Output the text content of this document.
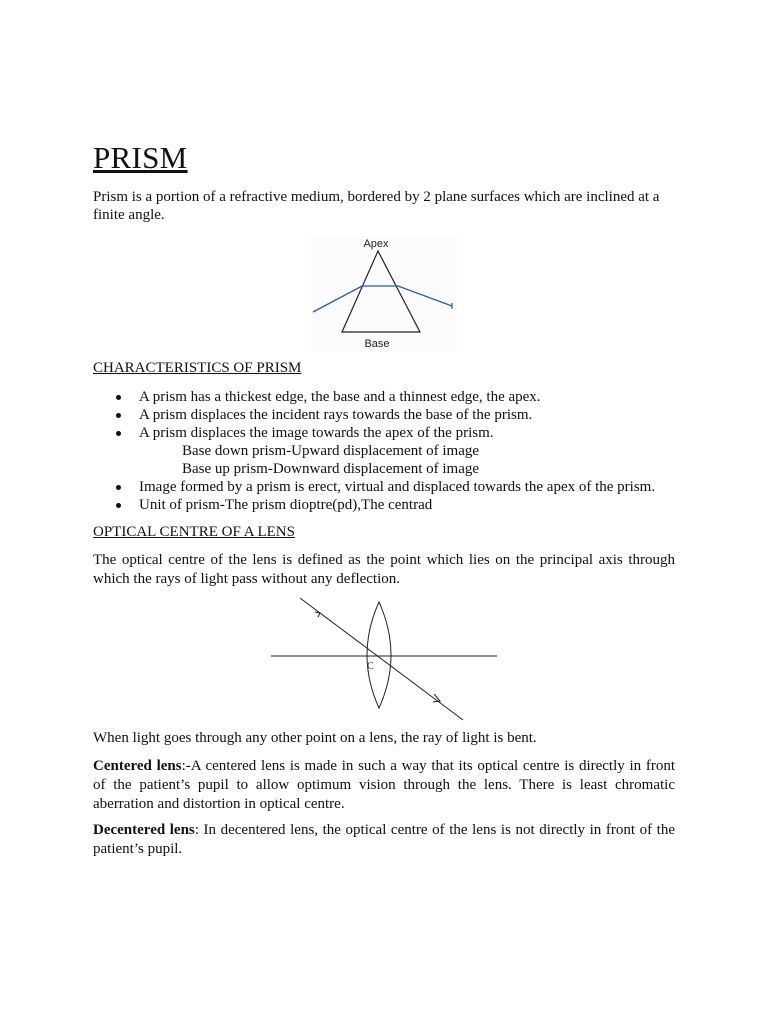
PRISM

Prism is a portion of a refractive medium, bordered by 2 plane surfaces which are inclined at a finite angle.

Apex
Base
CHARACTERISTICS OF PRISM
A prism has a thickest edge, the base and a thinnest edge, the apex.
A prism displaces the incident rays towards the base of the prism.
A prism displaces the image towards the apex of the prism.
Base down prism-Upward displacement of image
Base up prism-Downward displacement of image
Image formed by a prism is erect, virtual and displaced towards the apex of the prism.
Unit of prism-The prism dioptre(pd),The centrad
OPTICAL CENTRE OF A LENS

The optical centre of the lens is defined as the point which lies on the principal axis through which the rays of light pass without any deflection.

C

When light goes through any other point on a lens, the ray of light is bent.

Centered lens:-A centered lens is made in such a way that its optical centre is directly in front of the patient’s pupil to allow optimum vision through the lens. There is least chromatic aberration and distortion in optical centre.

Decentered lens: In decentered lens, the optical centre of the lens is not directly in front of the patient’s pupil.
